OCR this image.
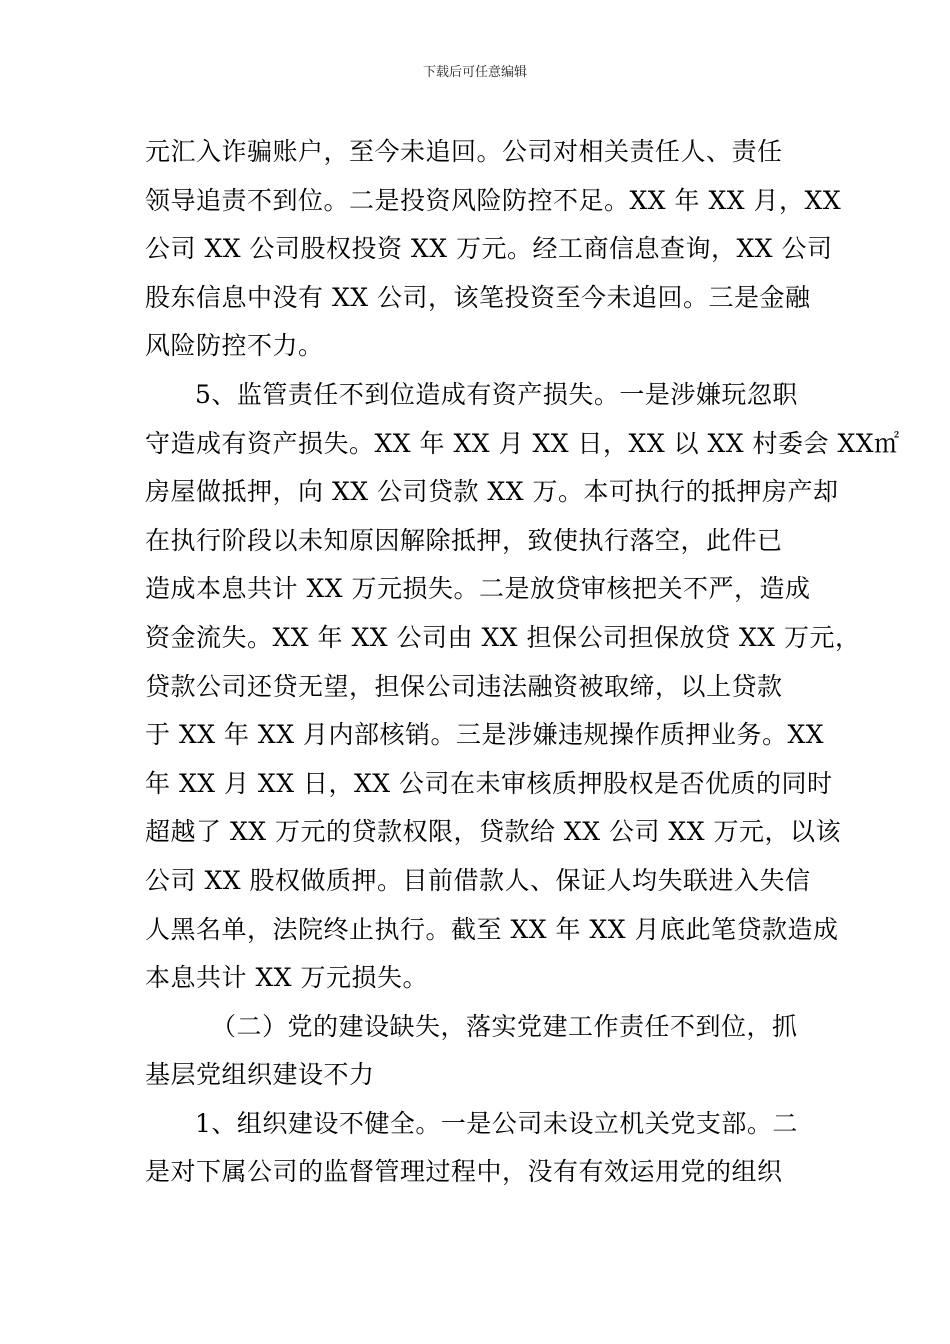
下载后可任意编辑
元汇入诈骗账户，至今未追回。公司对相关责任人、责任
领导追责不到位。二是投资风险防控不足。XX 年 XX 月，XX
公司 XX 公司股权投资 XX 万元。经工商信息查询，XX 公司
股东信息中没有 XX 公司，该笔投资至今未追回。三是金融
风险防控不力。
5、监管责任不到位造成有资产损失。一是涉嫌玩忽职
守造成有资产损失。XX 年 XX 月 XX 日，XX 以 XX 村委会 XX㎡
房屋做抵押，向 XX 公司贷款 XX 万。本可执行的抵押房产却
在执行阶段以未知原因解除抵押，致使执行落空，此件已
造成本息共计 XX 万元损失。二是放贷审核把关不严，造成
资金流失。XX 年 XX 公司由 XX 担保公司担保放贷 XX 万元，
贷款公司还贷无望，担保公司违法融资被取缔，以上贷款
于 XX 年 XX 月内部核销。三是涉嫌违规操作质押业务。XX
年 XX 月 XX 日，XX 公司在未审核质押股权是否优质的同时
超越了 XX 万元的贷款权限，贷款给 XX 公司 XX 万元，以该
公司 XX 股权做质押。目前借款人、保证人均失联进入失信
人黑名单，法院终止执行。截至 XX 年 XX 月底此笔贷款造成
本息共计 XX 万元损失。
（二）党的建设缺失，落实党建工作责任不到位，抓
基层党组织建设不力
1、组织建设不健全。一是公司未设立机关党支部。二
是对下属公司的监督管理过程中，没有有效运用党的组织
